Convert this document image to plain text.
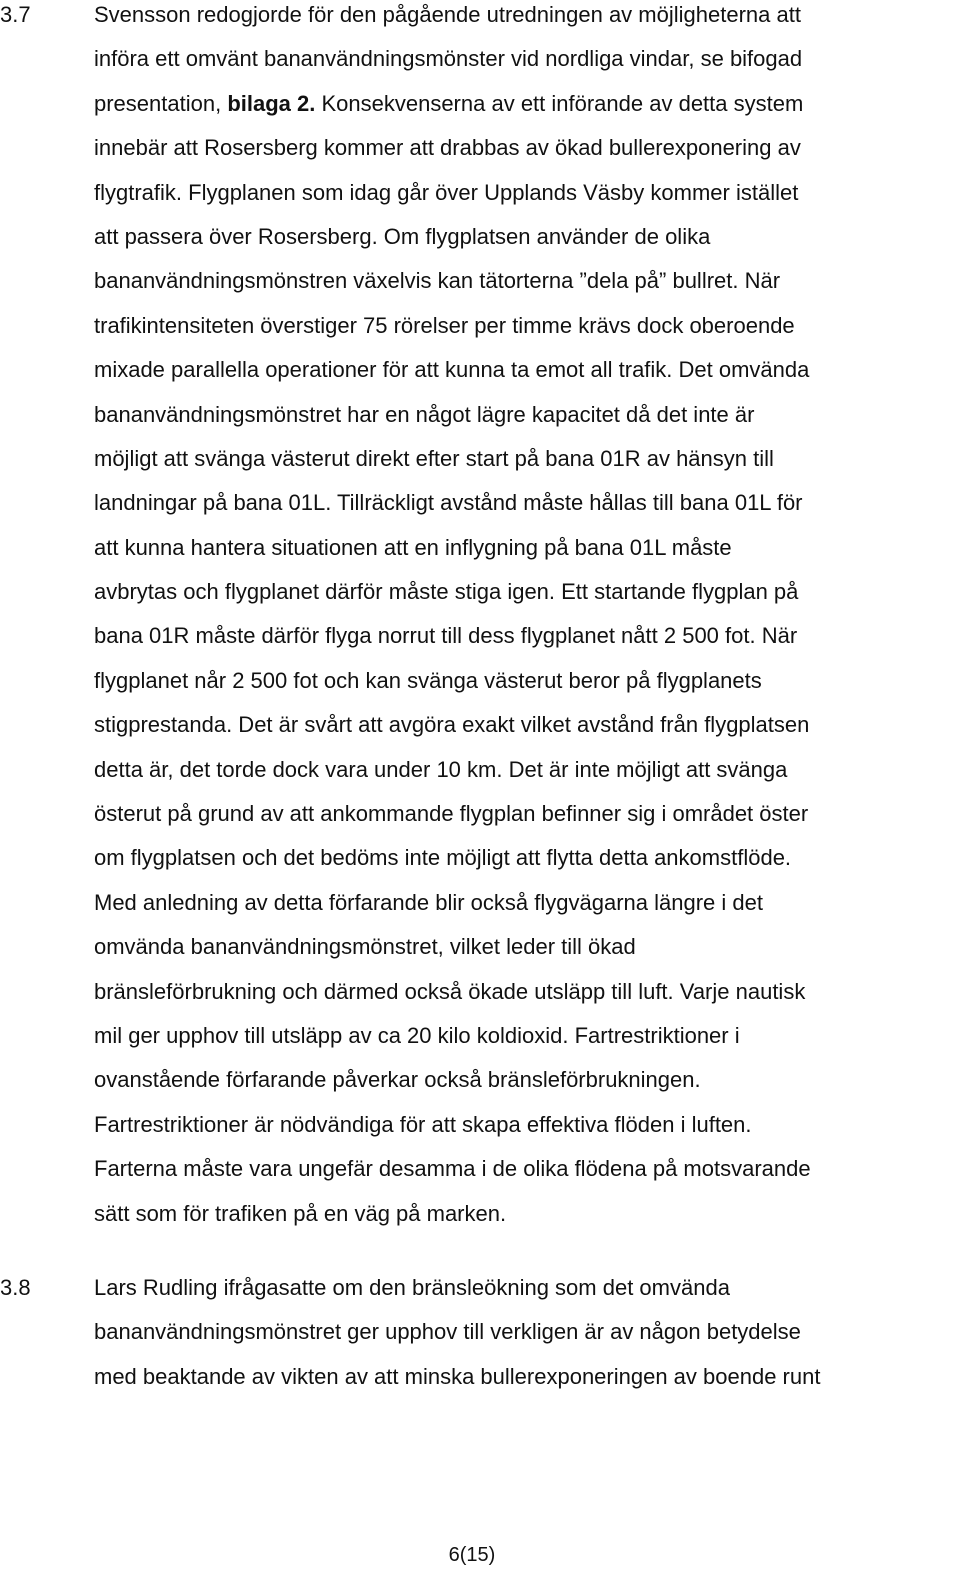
3.7	Svensson redogjorde för den pågående utredningen av möjligheterna att
införa ett omvänt bananvändningsmönster vid nordliga vindar, se bifogad
presentation, bilaga 2. Konsekvenserna av ett införande av detta system
innebär att Rosersberg kommer att drabbas av ökad bullerexponering av
flygtrafik. Flygplanen som idag går över Upplands Väsby kommer istället
att passera över Rosersberg. Om flygplatsen använder de olika
bananvändningsmönstren växelvis kan tätorterna ”dela på” bullret. När
trafikintensiteten överstiger 75 rörelser per timme krävs dock oberoende
mixade parallella operationer för att kunna ta emot all trafik. Det omvända
bananvändningsmönstret har en något lägre kapacitet då det inte är
möjligt att svänga västerut direkt efter start på bana 01R av hänsyn till
landningar på bana 01L. Tillräckligt avstånd måste hållas till bana 01L för
att kunna hantera situationen att en inflygning på bana 01L måste
avbrytas och flygplanet därför måste stiga igen. Ett startande flygplan på
bana 01R måste därför flyga norrut till dess flygplanet nått 2 500 fot. När
flygplanet når 2 500 fot och kan svänga västerut beror på flygplanets
stigprestanda. Det är svårt att avgöra exakt vilket avstånd från flygplatsen
detta är, det torde dock vara under 10 km. Det är inte möjligt att svänga
österut på grund av att ankommande flygplan befinner sig i området öster
om flygplatsen och det bedöms inte möjligt att flytta detta ankomstflöde.
Med anledning av detta förfarande blir också flygvägarna längre i det
omvända bananvändningsmönstret, vilket leder till ökad
bränsleförbrukning och därmed också ökade utsläpp till luft. Varje nautisk
mil ger upphov till utsläpp av ca 20 kilo koldioxid. Fartrestriktioner i
ovanstående förfarande påverkar också bränsleförbrukningen.
Fartrestriktioner är nödvändiga för att skapa effektiva flöden i luften.
Farterna måste vara ungefär desamma i de olika flödena på motsvarande
sätt som för trafiken på en väg på marken.
3.8	Lars Rudling ifrågasatte om den bränsleökning som det omvända
bananvändningsmönstret ger upphov till verkligen är av någon betydelse
med beaktande av vikten av att minska bullerexponeringen av boende runt
6(15)
